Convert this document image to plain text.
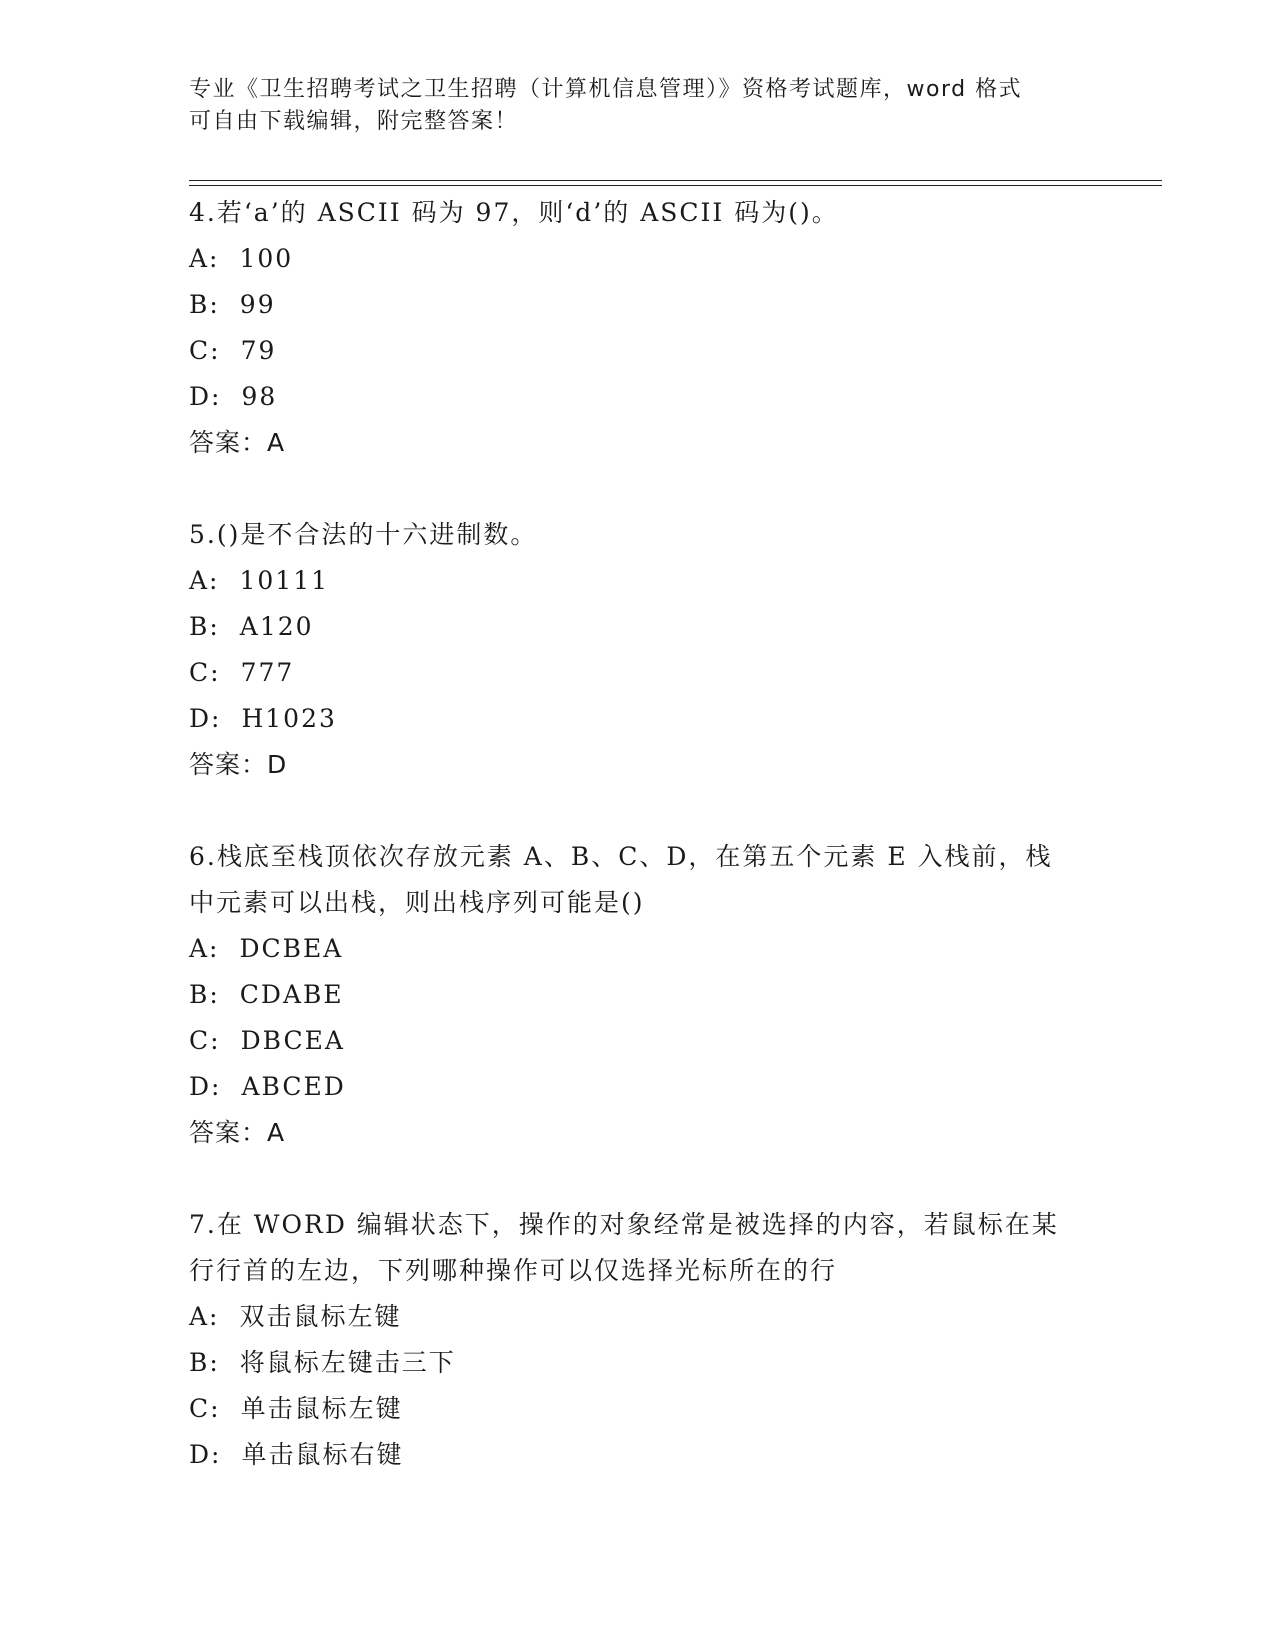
专业《卫生招聘考试之卫生招聘（计算机信息管理）》资格考试题库，word 格式
可自由下载编辑，附完整答案！
4.若‘a’的 ASCII 码为 97，则‘d’的 ASCII 码为()。
A: 100
B: 99
C: 79
D: 98
答案：A
5.()是不合法的十六进制数。
A: 10111
B: A120
C: 777
D: H1023
答案：D
6.栈底至栈顶依次存放元素 A、B、C、D，在第五个元素 E 入栈前，栈
中元素可以出栈，则出栈序列可能是()
A: DCBEA
B: CDABE
C: DBCEA
D: ABCED
答案：A
7.在 WORD 编辑状态下，操作的对象经常是被选择的内容，若鼠标在某
行行首的左边，下列哪种操作可以仅选择光标所在的行
A: 双击鼠标左键
B: 将鼠标左键击三下
C: 单击鼠标左键
D: 单击鼠标右键
